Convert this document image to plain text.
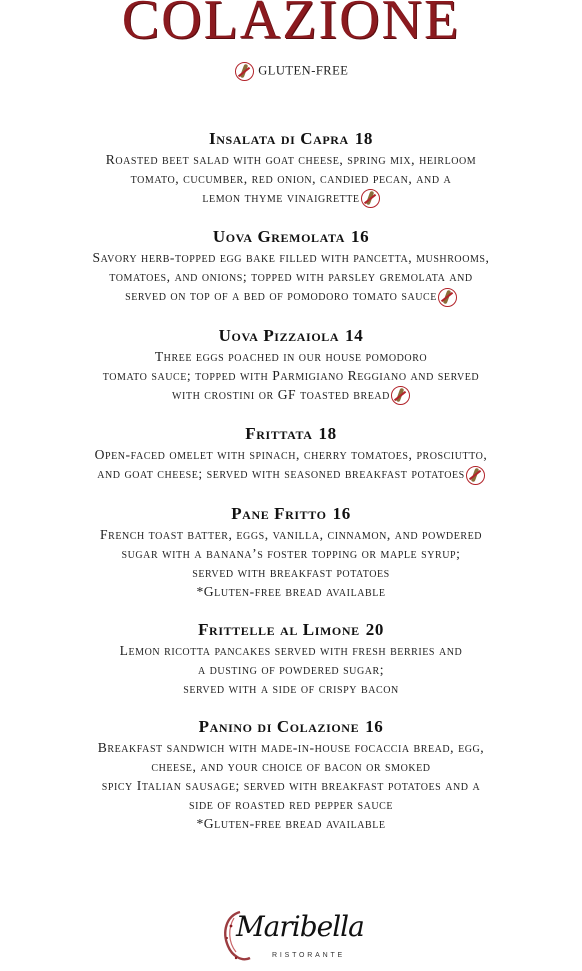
COLAZIONE
GLUTEN-FREE
Insalata di Capra 18
Roasted beet salad with goat cheese, spring mix, heirloom
tomato, cucumber, red onion, candied pecan, and a
lemon thyme vinaigrette
Uova Gremolata 16
Savory herb-topped egg bake filled with pancetta, mushrooms,
tomatoes, and onions; topped with parsley gremolata and
served on top of a bed of pomodoro tomato sauce
Uova Pizzaiola 14
Three eggs poached in our house pomodoro
tomato sauce; topped with Parmigiano Reggiano and served
with crostini or GF toasted bread
Frittata 18
Open-faced omelet with spinach, cherry tomatoes, prosciutto,
and goat cheese; served with seasoned breakfast potatoes
Pane Fritto 16
French toast batter, eggs, vanilla, cinnamon, and powdered
sugar with a banana’s foster topping or maple syrup;
served with breakfast potatoes
*Gluten-free bread available
Frittelle al Limone 20
Lemon ricotta pancakes served with fresh berries and
a dusting of powdered sugar;
served with a side of crispy bacon
Panino di Colazione 16
Breakfast sandwich with made-in-house focaccia bread, egg,
cheese, and your choice of bacon or smoked
spicy Italian sausage; served with breakfast potatoes and a
side of roasted red pepper sauce
*Gluten-free bread available
Maribella
RISTORANTE
